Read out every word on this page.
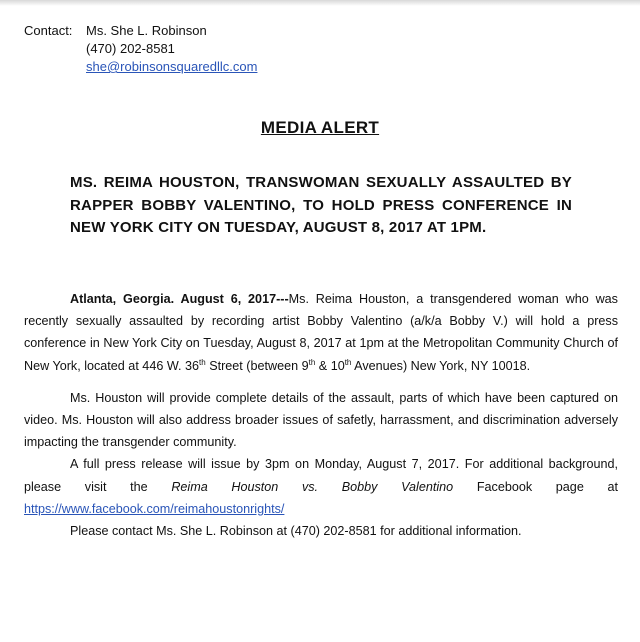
Contact:	Ms. She L. Robinson
(470) 202-8581
she@robinsonsquaredllc.com
MEDIA ALERT
MS. REIMA HOUSTON, TRANSWOMAN SEXUALLY ASSAULTED BY RAPPER BOBBY VALENTINO, TO HOLD PRESS CONFERENCE IN NEW YORK CITY ON TUESDAY, AUGUST 8, 2017 AT 1PM.

Atlanta, Georgia. August 6, 2017---Ms. Reima Houston, a transgendered woman who was recently sexually assaulted by recording artist Bobby Valentino (a/k/a Bobby V.) will hold a press conference in New York City on Tuesday, August 8, 2017 at 1pm at the Metropolitan Community Church of New York, located at 446 W. 36th Street (between 9th & 10th Avenues) New York, NY 10018.

Ms. Houston will provide complete details of the assault, parts of which have been captured on video. Ms. Houston will also address broader issues of safetly, harrassment, and discrimination adversely impacting the transgender community.

A full press release will issue by 3pm on Monday, August 7, 2017. For additional background, please visit the Reima Houston vs. Bobby Valentino Facebook page at https://www.facebook.com/reimahoustonrights/

Please contact Ms. She L. Robinson at (470) 202-8581 for additional information.
